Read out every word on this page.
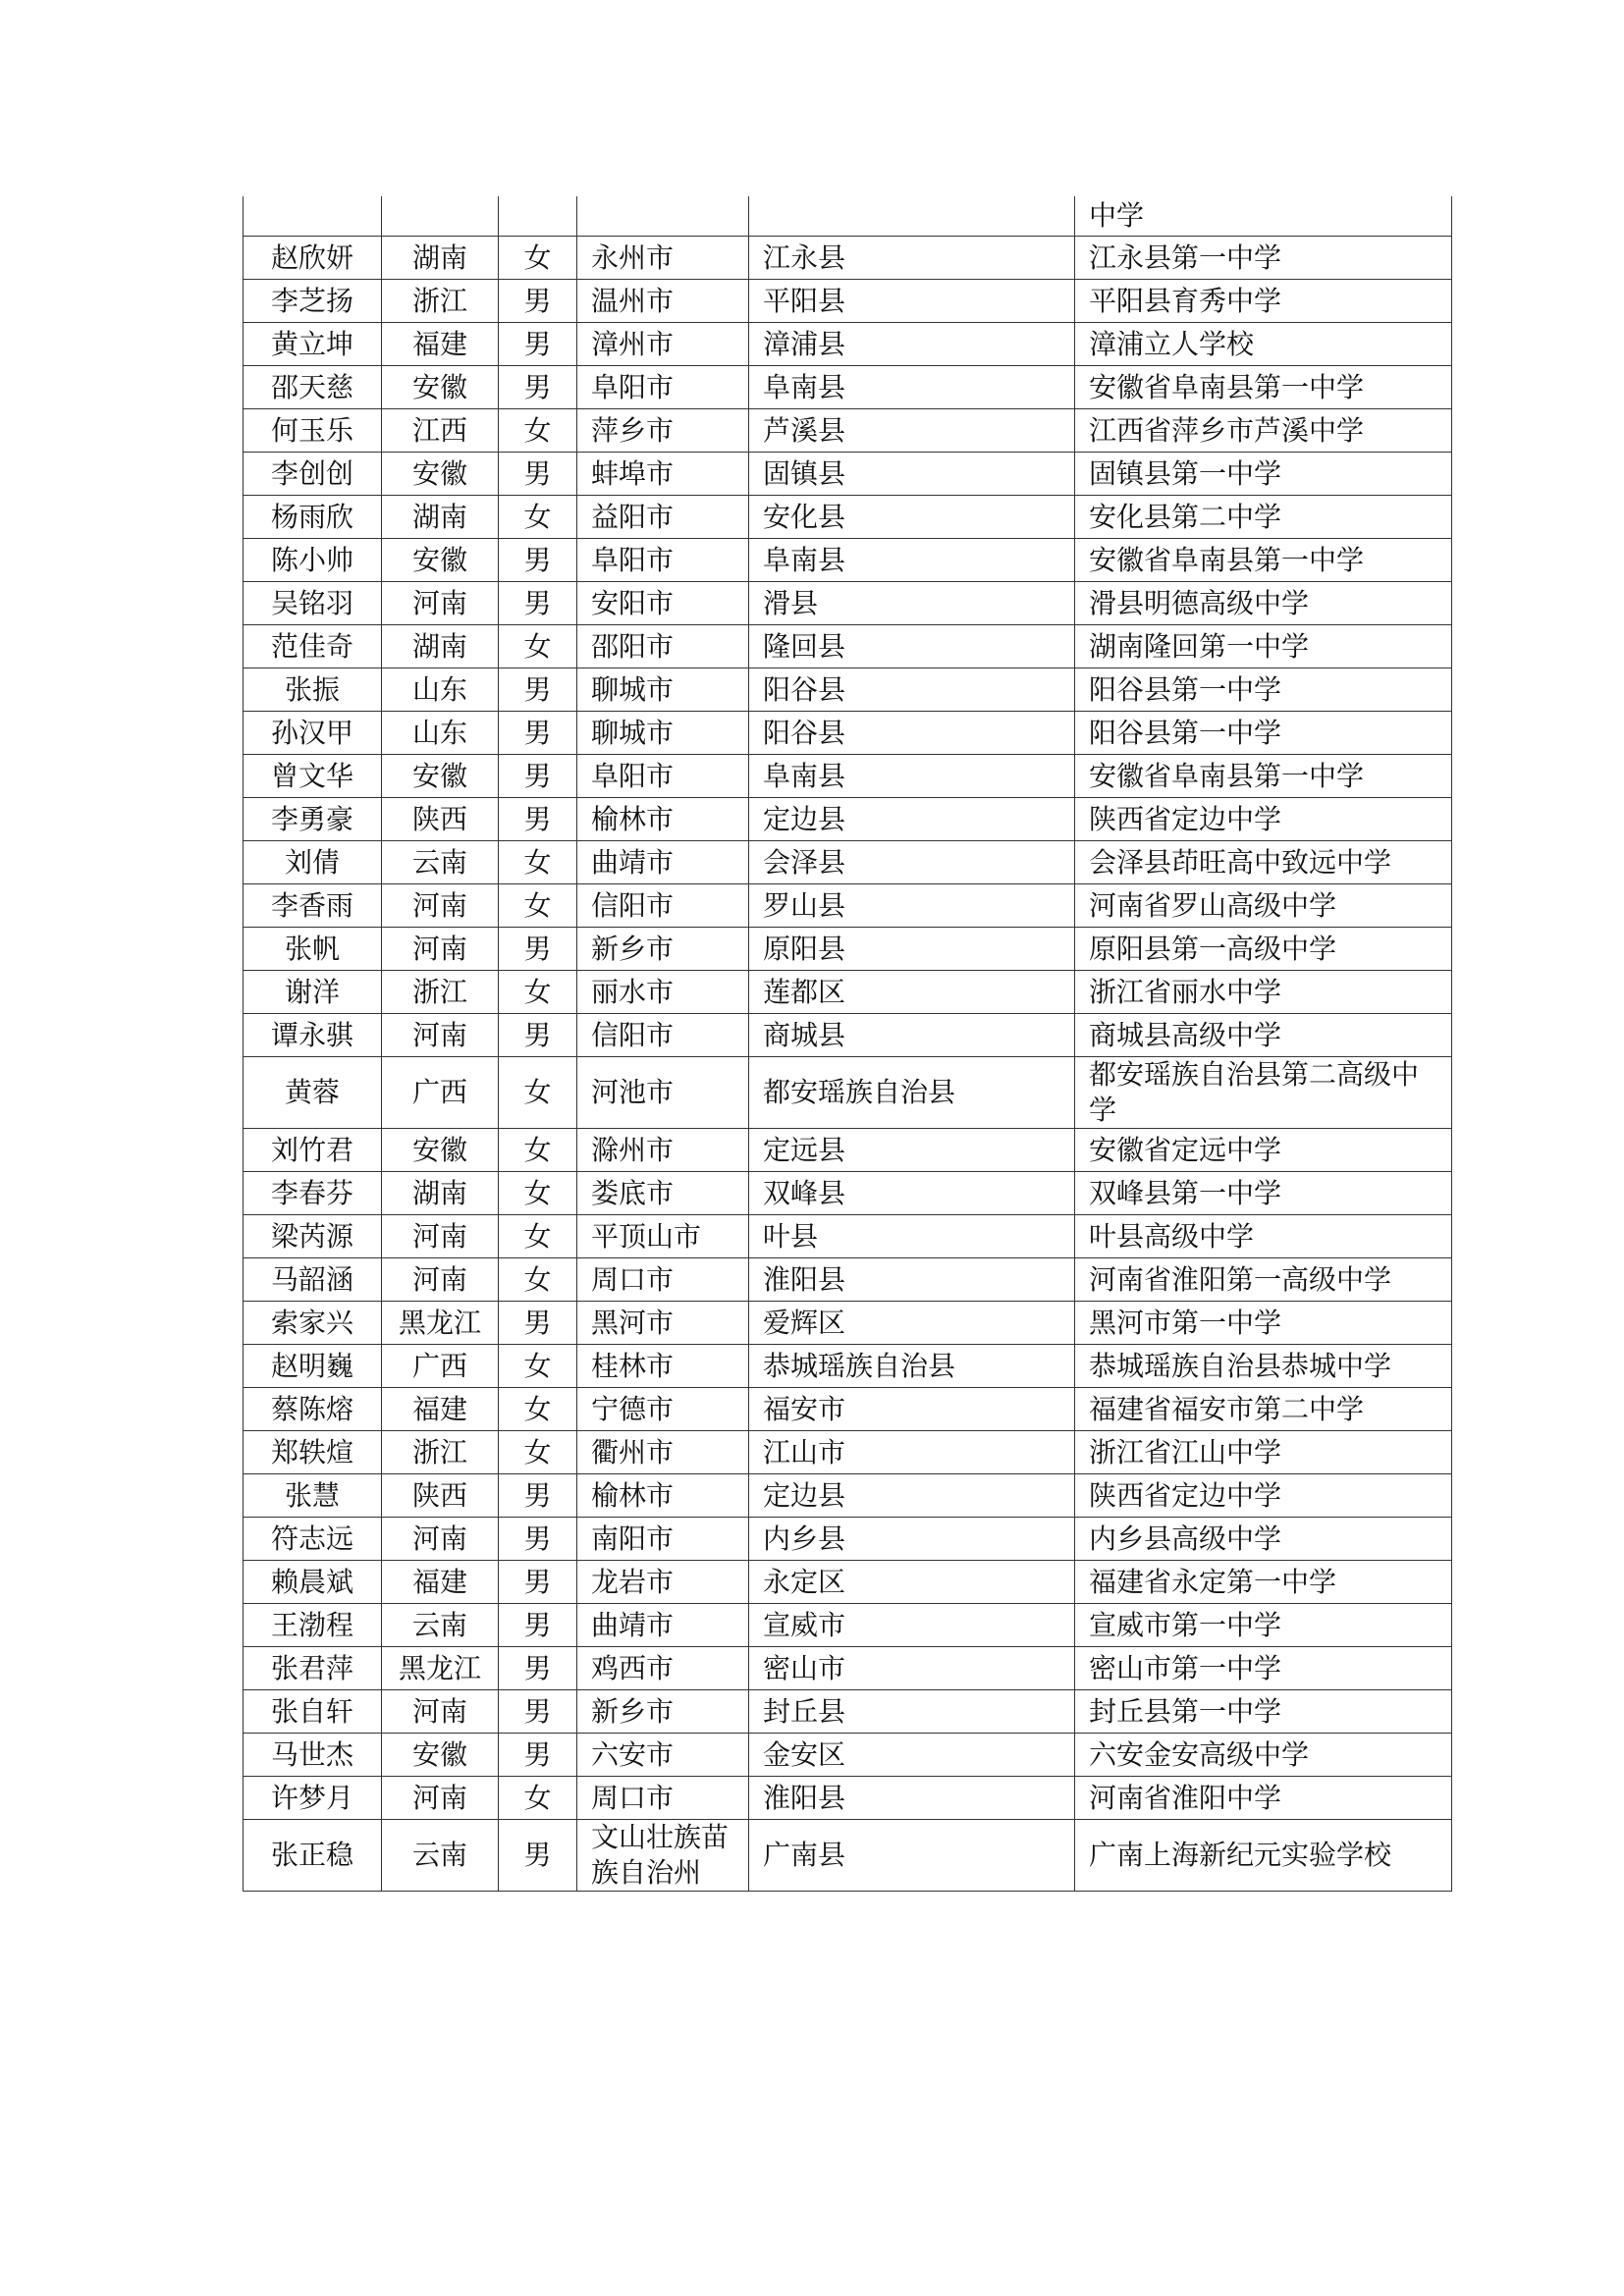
					中学
赵欣妍	湖南	女	永州市	江永县	江永县第一中学
李芝扬	浙江	男	温州市	平阳县	平阳县育秀中学
黄立坤	福建	男	漳州市	漳浦县	漳浦立人学校
邵天慈	安徽	男	阜阳市	阜南县	安徽省阜南县第一中学
何玉乐	江西	女	萍乡市	芦溪县	江西省萍乡市芦溪中学
李创创	安徽	男	蚌埠市	固镇县	固镇县第一中学
杨雨欣	湖南	女	益阳市	安化县	安化县第二中学
陈小帅	安徽	男	阜阳市	阜南县	安徽省阜南县第一中学
吴铭羽	河南	男	安阳市	滑县	滑县明德高级中学
范佳奇	湖南	女	邵阳市	隆回县	湖南隆回第一中学
张振	山东	男	聊城市	阳谷县	阳谷县第一中学
孙汉甲	山东	男	聊城市	阳谷县	阳谷县第一中学
曾文华	安徽	男	阜阳市	阜南县	安徽省阜南县第一中学
李勇豪	陕西	男	榆林市	定边县	陕西省定边中学
刘倩	云南	女	曲靖市	会泽县	会泽县茚旺高中致远中学
李香雨	河南	女	信阳市	罗山县	河南省罗山高级中学
张帆	河南	男	新乡市	原阳县	原阳县第一高级中学
谢洋	浙江	女	丽水市	莲都区	浙江省丽水中学
谭永骐	河南	男	信阳市	商城县	商城县高级中学
黄蓉	广西	女	河池市	都安瑶族自治县	都安瑶族自治县第二高级中学
刘竹君	安徽	女	滁州市	定远县	安徽省定远中学
李春芬	湖南	女	娄底市	双峰县	双峰县第一中学
梁芮源	河南	女	平顶山市	叶县	叶县高级中学
马韶涵	河南	女	周口市	淮阳县	河南省淮阳第一高级中学
索家兴	黑龙江	男	黑河市	爱辉区	黑河市第一中学
赵明巍	广西	女	桂林市	恭城瑶族自治县	恭城瑶族自治县恭城中学
蔡陈熔	福建	女	宁德市	福安市	福建省福安市第二中学
郑轶煊	浙江	女	衢州市	江山市	浙江省江山中学
张慧	陕西	男	榆林市	定边县	陕西省定边中学
符志远	河南	男	南阳市	内乡县	内乡县高级中学
赖晨斌	福建	男	龙岩市	永定区	福建省永定第一中学
王渤程	云南	男	曲靖市	宣威市	宣威市第一中学
张君萍	黑龙江	男	鸡西市	密山市	密山市第一中学
张自轩	河南	男	新乡市	封丘县	封丘县第一中学
马世杰	安徽	男	六安市	金安区	六安金安高级中学
许梦月	河南	女	周口市	淮阳县	河南省淮阳中学
张正稳	云南	男	文山壮族苗族自治州	广南县	广南上海新纪元实验学校
